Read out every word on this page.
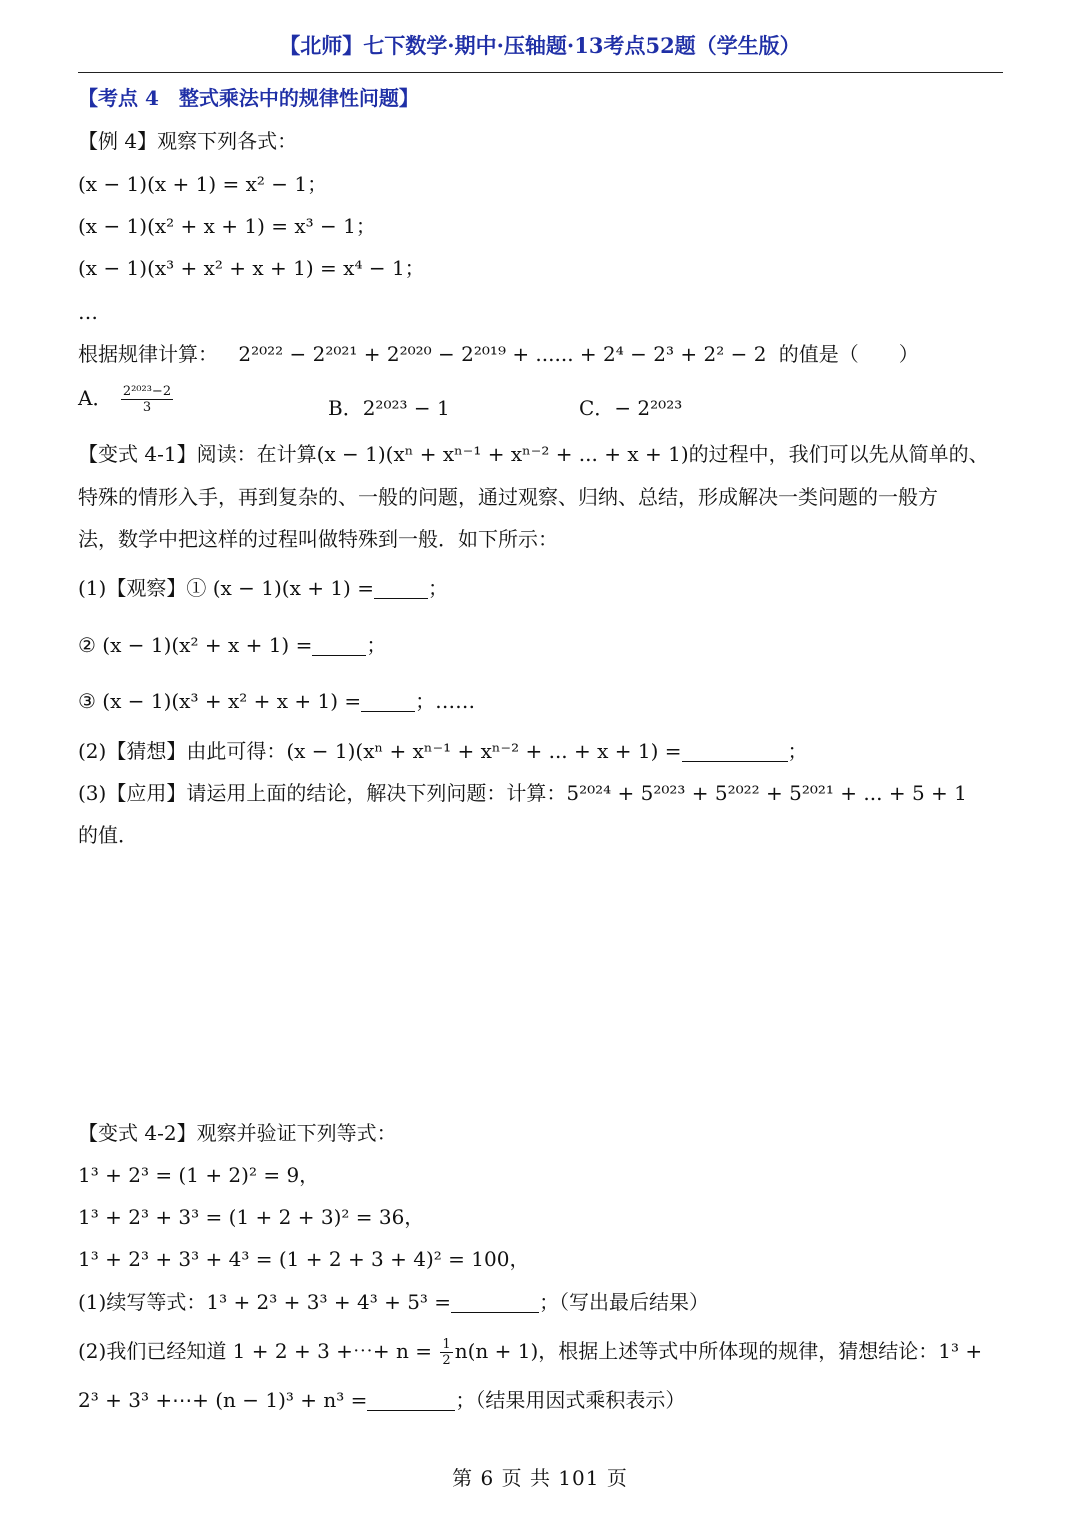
【北师】七下数学·期中·压轴题·13考点52题（学生版）
【考点 4　整式乘法中的规律性问题】
【例 4】观察下列各式：
(x − 1)(x + 1) = x² − 1；
(x − 1)(x² + x + 1) = x³ − 1；
(x − 1)(x³ + x² + x + 1) = x⁴ − 1；
…
根据规律计算： 2²⁰²² − 2²⁰²¹ + 2²⁰²⁰ − 2²⁰¹⁹ + ...... + 2⁴ − 2³ + 2² − 2 的值是（　　）
A． $\frac{\text{2²⁰²³−2}}{3}$	B．2²⁰²³ − 1	C．− 2²⁰²³
【变式 4-1】阅读：在计算(x − 1)(xⁿ + xⁿ⁻¹ + xⁿ⁻² + ... + x + 1)的过程中，我们可以先从简单的、
特殊的情形入手，再到复杂的、一般的问题，通过观察、归纳、总结，形成解决一类问题的一般方
法，数学中把这样的过程叫做特殊到一般．如下所示：
(1)【观察】① (x − 1)(x + 1) =	；
② (x − 1)(x² + x + 1) =	；
③ (x − 1)(x³ + x² + x + 1) =	；……
(2)【猜想】由此可得：(x − 1)(xⁿ + xⁿ⁻¹ + xⁿ⁻² + ... + x + 1) =	；
(3)【应用】请运用上面的结论，解决下列问题：计算：5²⁰²⁴ + 5²⁰²³ + 5²⁰²² + 5²⁰²¹ + ... + 5 + 1
的值．
【变式 4-2】观察并验证下列等式：
1³ + 2³ = (1 + 2)² = 9，
1³ + 2³ + 3³ = (1 + 2 + 3)² = 36，
1³ + 2³ + 3³ + 4³ = (1 + 2 + 3 + 4)² = 100，
(1)续写等式：1³ + 2³ + 3³ + 4³ + 5³ =	；（写出最后结果）
(2)我们已经知道 1 + 2 + 3 +⋯+ $n = \frac{1}{2} n(n + 1)$，根据上述等式中所体现的规律，猜想结论：1³ +
2³ + 3³ +⋯+ (n − 1)³ + n³ =	；（结果用因式乘积表示）
第 6 页 共 101 页
